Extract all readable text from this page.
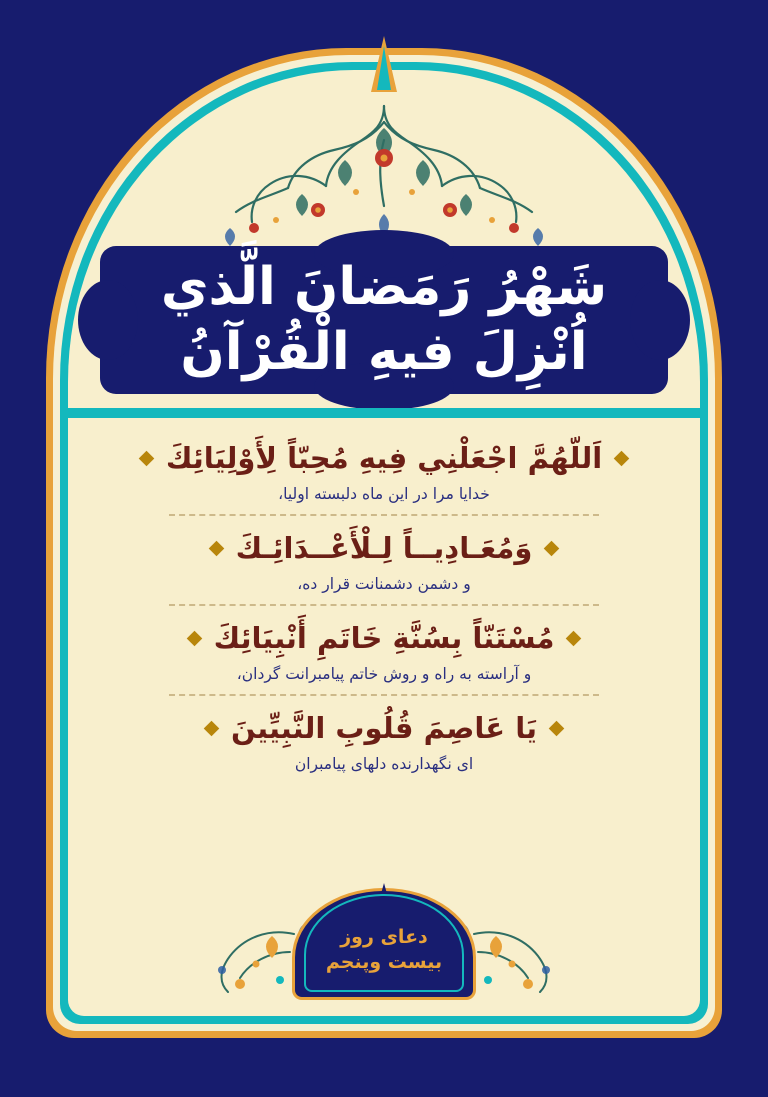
شَهْرُ رَمَضانَ الَّذي اُنْزِلَ فيهِ الْقُرْآنُ
اَللّهُمَّ اجْعَلْنِي فِيهِ مُحِبّاً لِأَوْلِيَائِكَ
خدایا مرا در این ماه دلبسته اولیا،
وَمُعَـادِيــاً لِـلْأَعْــدَائِـكَ
و دشمن دشمنانت قرار ده،
مُسْتَنّاً بِسُنَّةِ خَاتَمِ أَنْبِيَائِكَ
و آراسته به راه و روش خاتم پیامبرانت گردان،
يَا عَاصِمَ قُلُوبِ النَّبِيِّينَ
ای نگهدارنده دلهای پیامبران
دعای روز
بیست وپنجم
